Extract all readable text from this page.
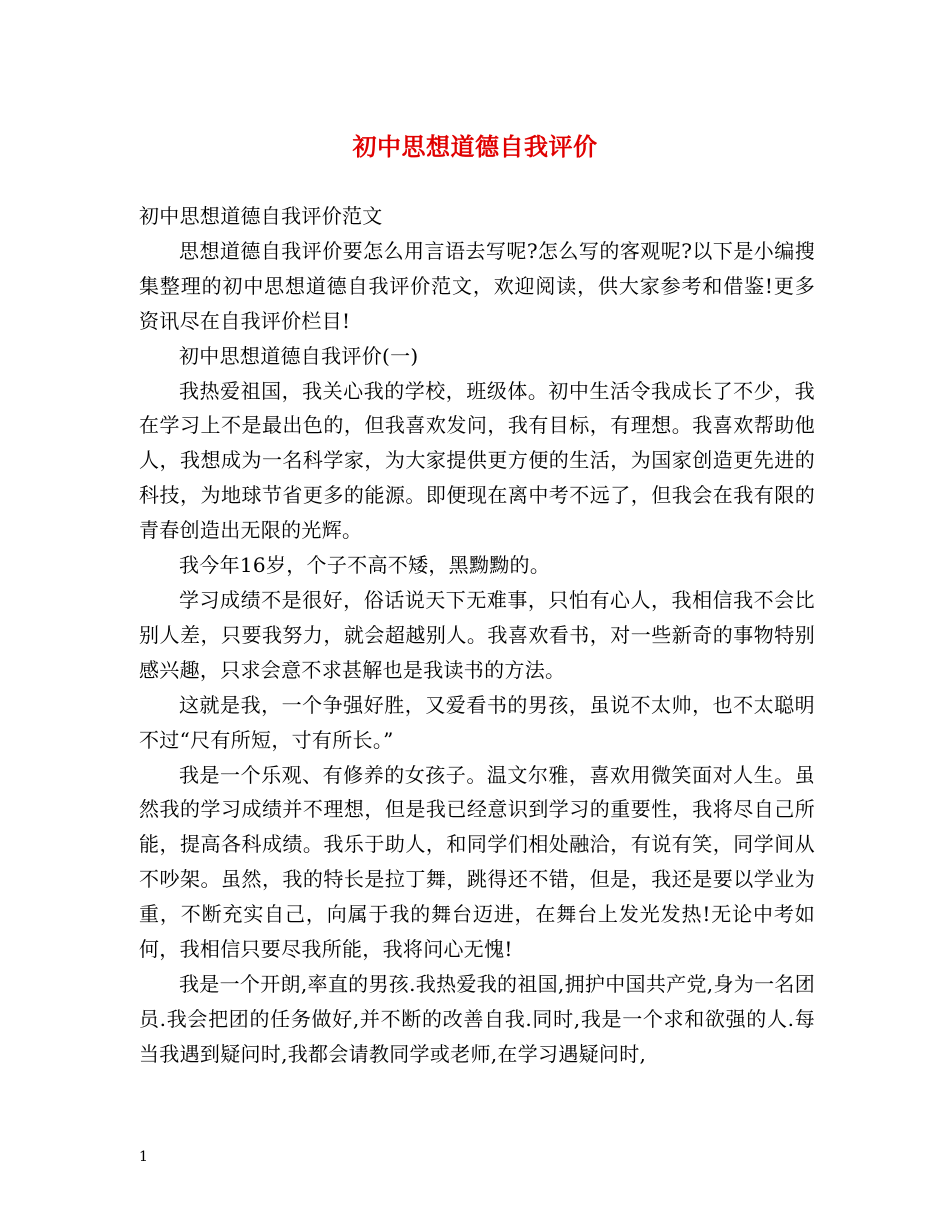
初中思想道德自我评价

初中思想道德自我评价范文

思想道德自我评价要怎么用言语去写呢?怎么写的客观呢?以下是小编搜集整理的初中思想道德自我评价范文，欢迎阅读，供大家参考和借鉴!更多资讯尽在自我评价栏目!

初中思想道德自我评价(一)

我热爱祖国，我关心我的学校，班级体。初中生活令我成长了不少，我在学习上不是最出色的，但我喜欢发问，我有目标，有理想。我喜欢帮助他人，我想成为一名科学家，为大家提供更方便的生活，为国家创造更先进的科技，为地球节省更多的能源。即便现在离中考不远了，但我会在我有限的青春创造出无限的光辉。

我今年16岁，个子不高不矮，黑黝黝的。

学习成绩不是很好，俗话说天下无难事，只怕有心人，我相信我不会比别人差，只要我努力，就会超越别人。我喜欢看书，对一些新奇的事物特别感兴趣，只求会意不求甚解也是我读书的方法。

这就是我，一个争强好胜，又爱看书的男孩，虽说不太帅，也不太聪明不过“尺有所短，寸有所长。”

我是一个乐观、有修养的女孩子。温文尔雅，喜欢用微笑面对人生。虽然我的学习成绩并不理想，但是我已经意识到学习的重要性，我将尽自己所能，提高各科成绩。我乐于助人，和同学们相处融洽，有说有笑，同学间从不吵架。虽然，我的特长是拉丁舞，跳得还不错，但是，我还是要以学业为重，不断充实自己，向属于我的舞台迈进，在舞台上发光发热!无论中考如何，我相信只要尽我所能，我将问心无愧!

我是一个开朗,率直的男孩.我热爱我的祖国,拥护中国共产党,身为一名团员.我会把团的任务做好,并不断的改善自我.同时,我是一个求和欲强的人.每当我遇到疑问时,我都会请教同学或老师,在学习遇疑问时,

1
